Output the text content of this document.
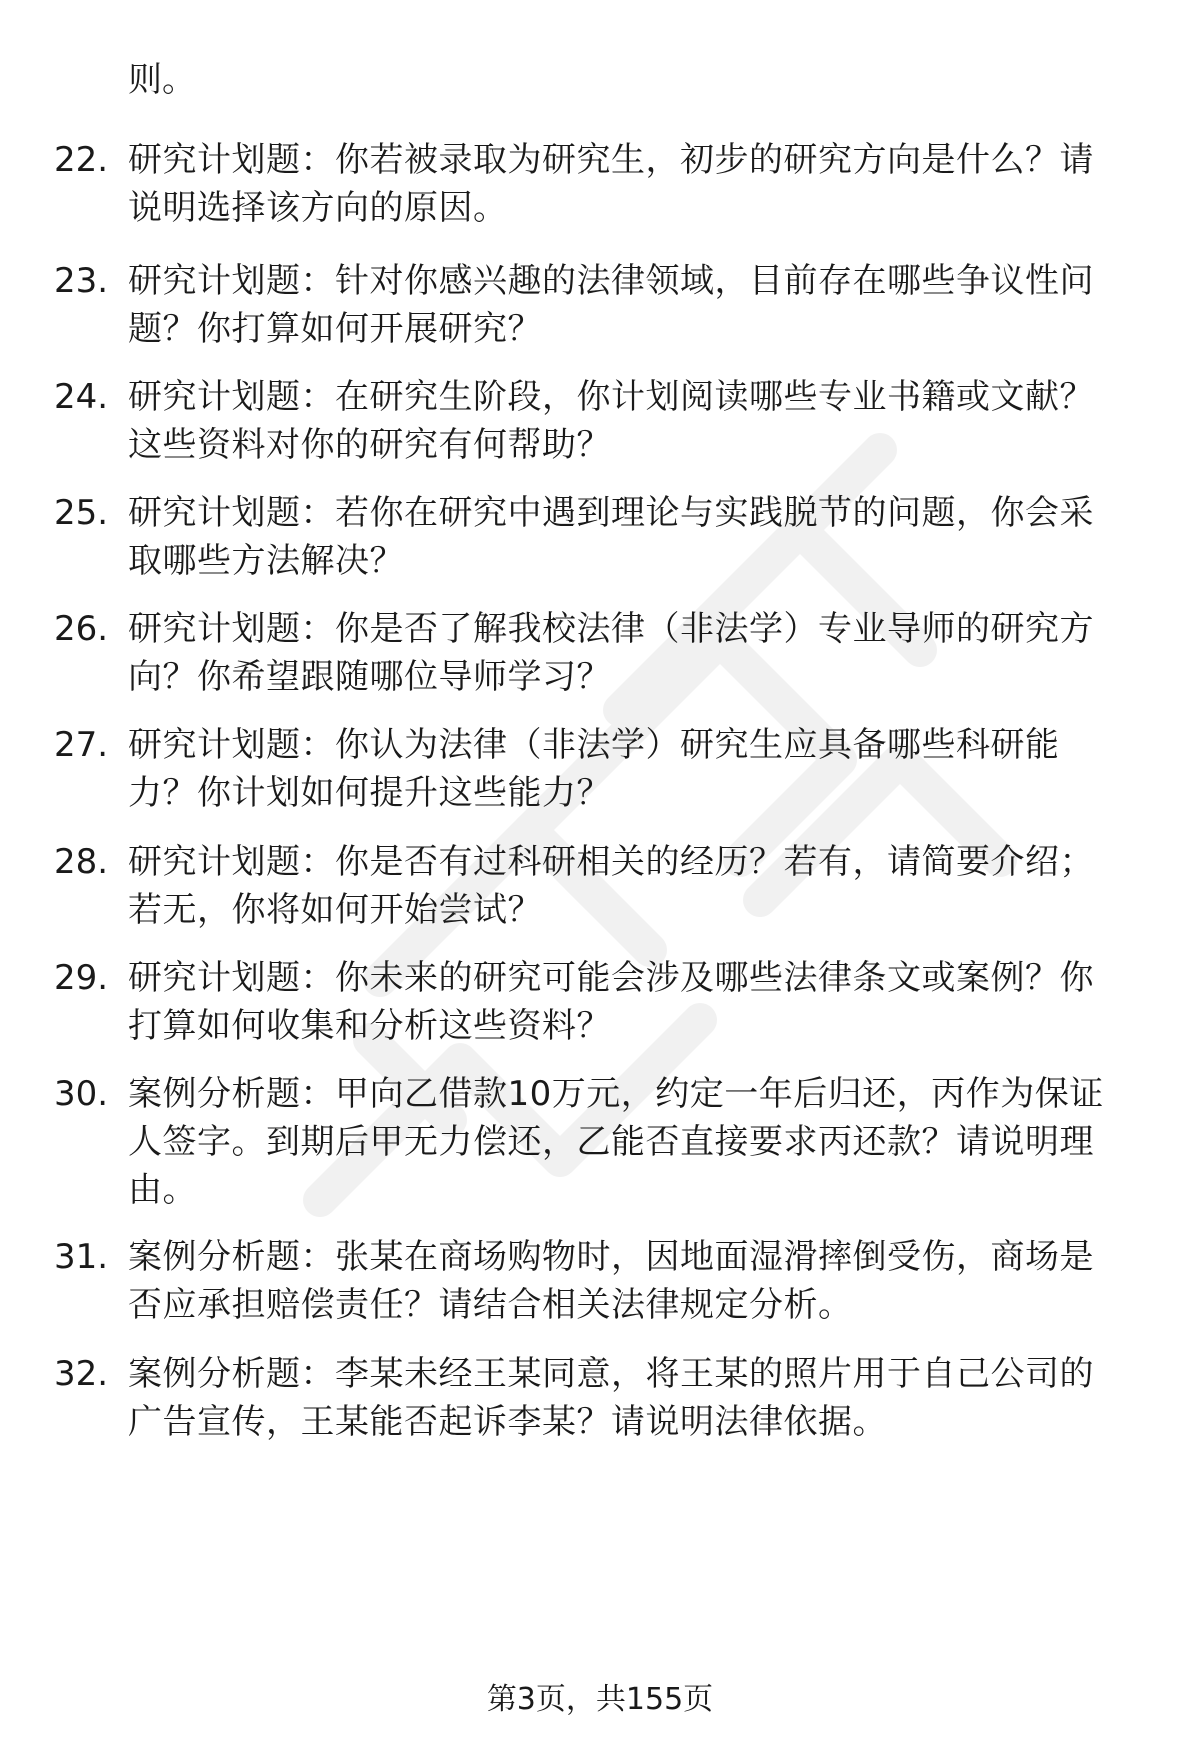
则。
22. 研究计划题：你若被录取为研究生，初步的研究方向是什么？请
说明选择该方向的原因。
23. 研究计划题：针对你感兴趣的法律领域，目前存在哪些争议性问
题？你打算如何开展研究？
24. 研究计划题：在研究生阶段，你计划阅读哪些专业书籍或文献？
这些资料对你的研究有何帮助？
25. 研究计划题：若你在研究中遇到理论与实践脱节的问题，你会采
取哪些方法解决？
26. 研究计划题：你是否了解我校法律（非法学）专业导师的研究方
向？你希望跟随哪位导师学习？
27. 研究计划题：你认为法律（非法学）研究生应具备哪些科研能
力？你计划如何提升这些能力？
28. 研究计划题：你是否有过科研相关的经历？若有，请简要介绍；
若无，你将如何开始尝试？
29. 研究计划题：你未来的研究可能会涉及哪些法律条文或案例？你
打算如何收集和分析这些资料？
30. 案例分析题：甲向乙借款10万元，约定一年后归还，丙作为保证
人签字。到期后甲无力偿还，乙能否直接要求丙还款？请说明理
由。
31. 案例分析题：张某在商场购物时，因地面湿滑摔倒受伤，商场是
否应承担赔偿责任？请结合相关法律规定分析。
32. 案例分析题：李某未经王某同意，将王某的照片用于自己公司的
广告宣传，王某能否起诉李某？请说明法律依据。
第3页，共155页
